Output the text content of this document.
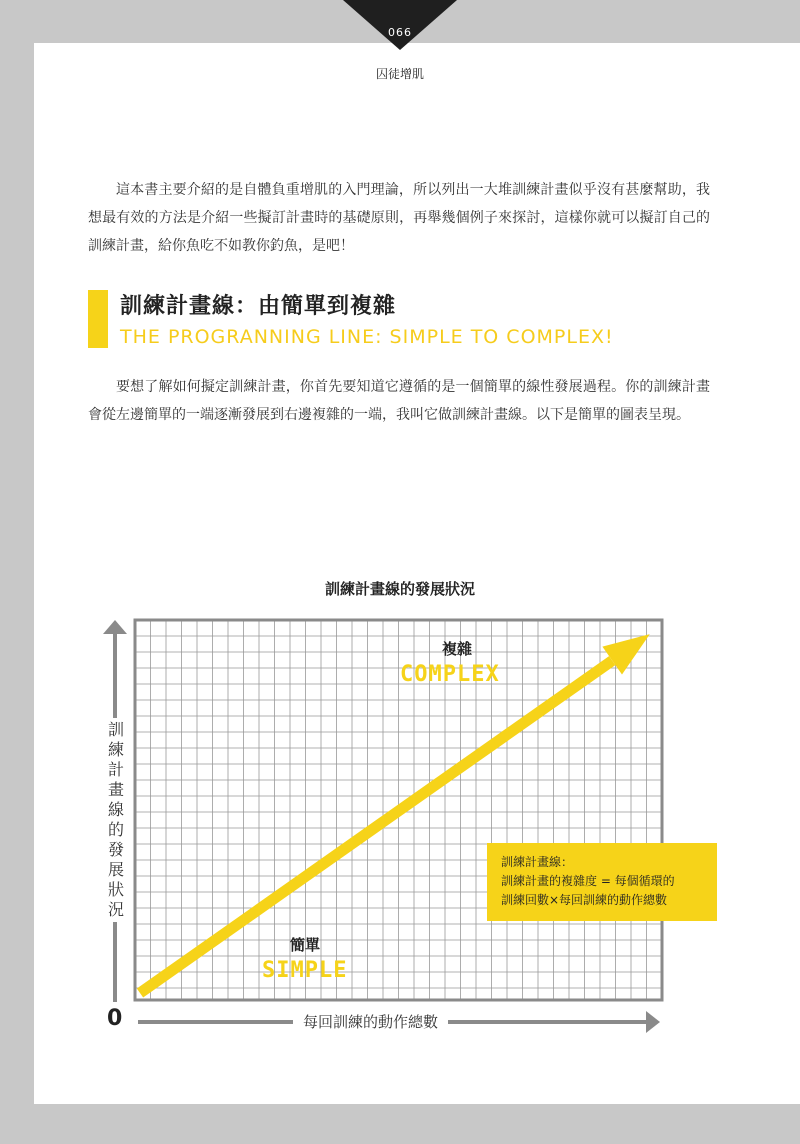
066
囚徒增肌

這本書主要介紹的是自體負重增肌的入門理論，所以列出一大堆訓練計畫似乎沒有甚麼幫助，我想最有效的方法是介紹一些擬訂計畫時的基礎原則，再舉幾個例子來探討，這樣你就可以擬訂自己的訓練計畫，給你魚吃不如教你釣魚，是吧！

訓練計畫線：由簡單到複雜
THE PROGRANNING LINE: SIMPLE TO COMPLEX!

要想了解如何擬定訓練計畫，你首先要知道它遵循的是一個簡單的線性發展過程。你的訓練計畫會從左邊簡單的一端逐漸發展到右邊複雜的一端，我叫它做訓練計畫線。以下是簡單的圖表呈現。

訓練計畫線的發展狀況
訓練計畫線的發展狀況
0	每回訓練的動作總數
複雜
COMPLEX
簡單
SIMPLE
訓練計畫線：
訓練計畫的複雜度 = 每個循環的
訓練回數×每回訓練的動作總數
